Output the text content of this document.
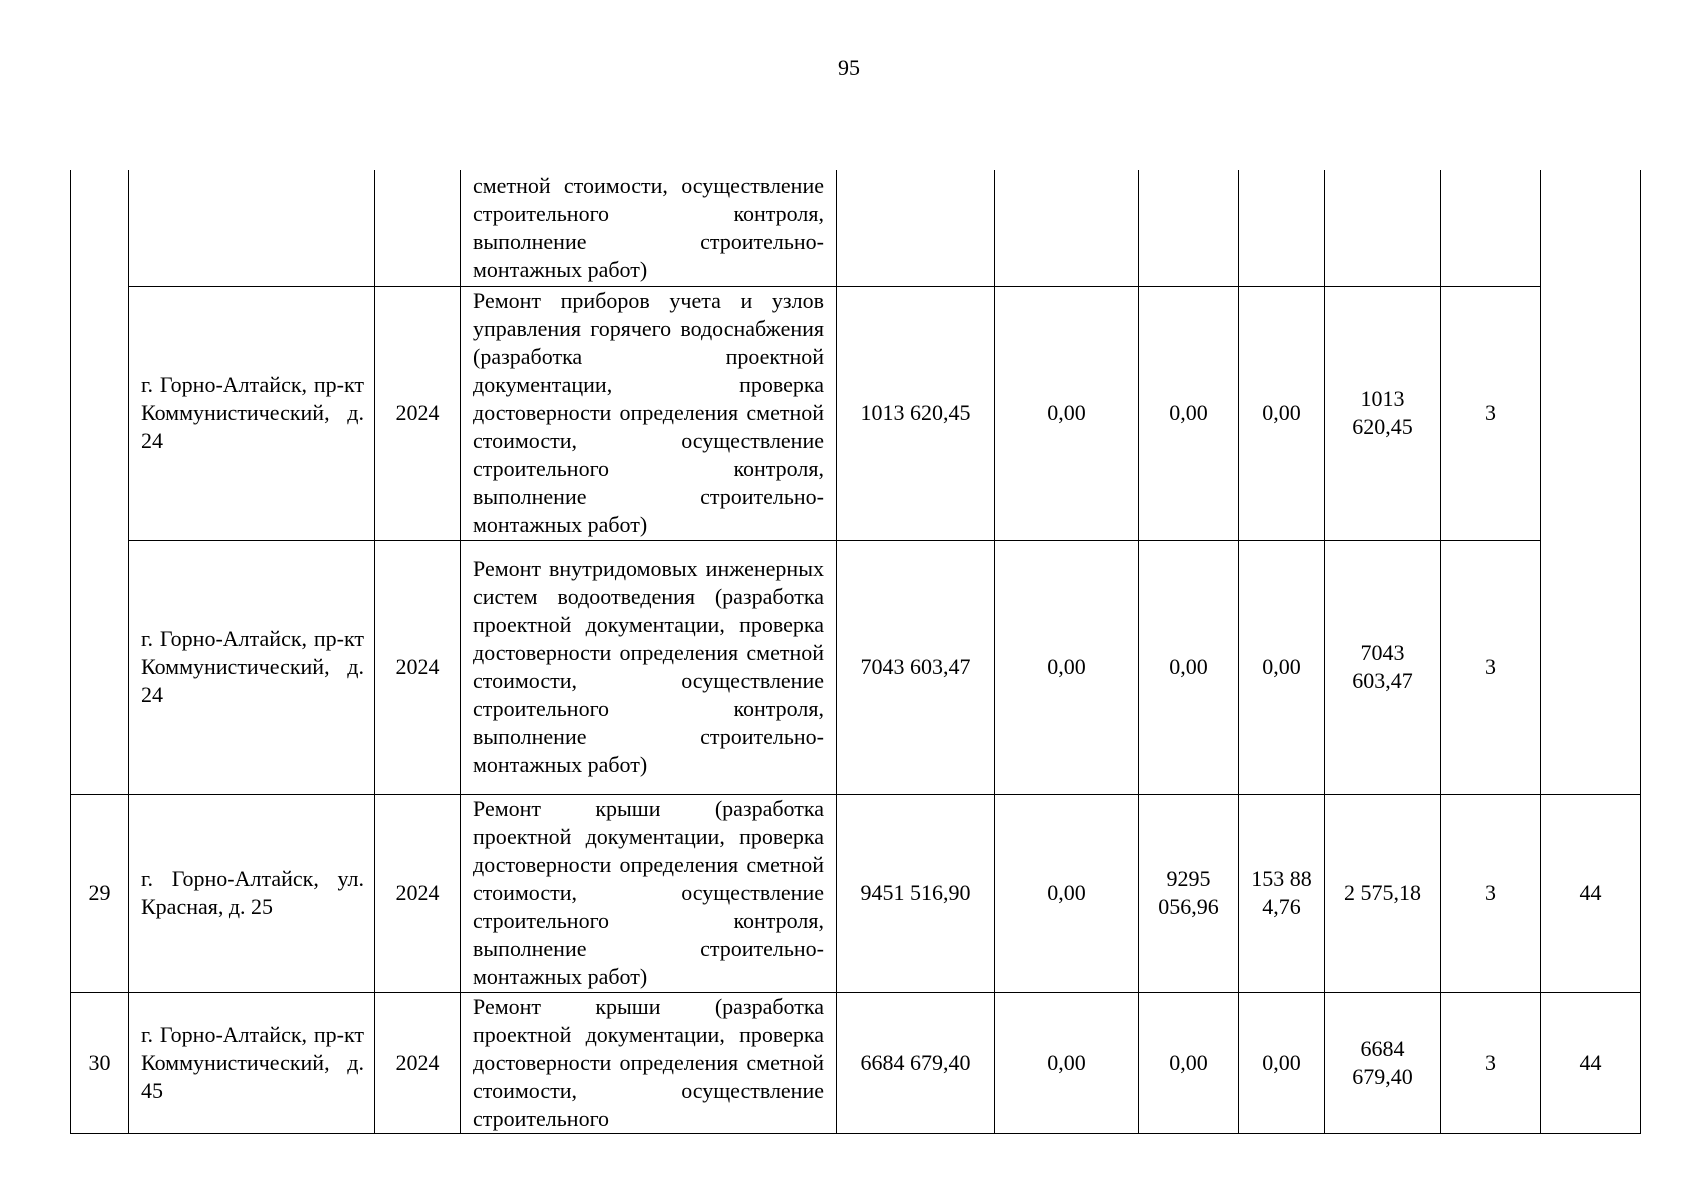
95
			сметной стоимости, осуществление строительного контроля, выполнение строительно-монтажных работ)							
	г. Горно-Алтайск, пр-кт Коммунистический, д. 24	2024	Ремонт приборов учета и узлов управления горячего водоснабжения (разработка проектной документации, проверка достоверности определения сметной стоимости, осуществление строительного контроля, выполнение строительно-монтажных работ)	1013 620,45	0,00	0,00	0,00	1013 620,45	3	
	г. Горно-Алтайск, пр-кт Коммунистический, д. 24	2024	Ремонт внутридомовых инженерных систем водоотведения (разработка проектной документации, проверка достоверности определения сметной стоимости, осуществление строительного контроля, выполнение строительно-монтажных работ)	7043 603,47	0,00	0,00	0,00	7043 603,47	3	
29	г. Горно-Алтайск, ул. Красная, д. 25	2024	Ремонт крыши (разработка проектной документации, проверка достоверности определения сметной стоимости, осуществление строительного контроля, выполнение строительно-монтажных работ)	9451 516,90	0,00	9295 056,96	153 884,76	2 575,18	3	44
30	г. Горно-Алтайск, пр-кт Коммунистический, д. 45	2024	Ремонт крыши (разработка проектной документации, проверка достоверности определения сметной стоимости, осуществление строительного	6684 679,40	0,00	0,00	0,00	6684 679,40	3	44
